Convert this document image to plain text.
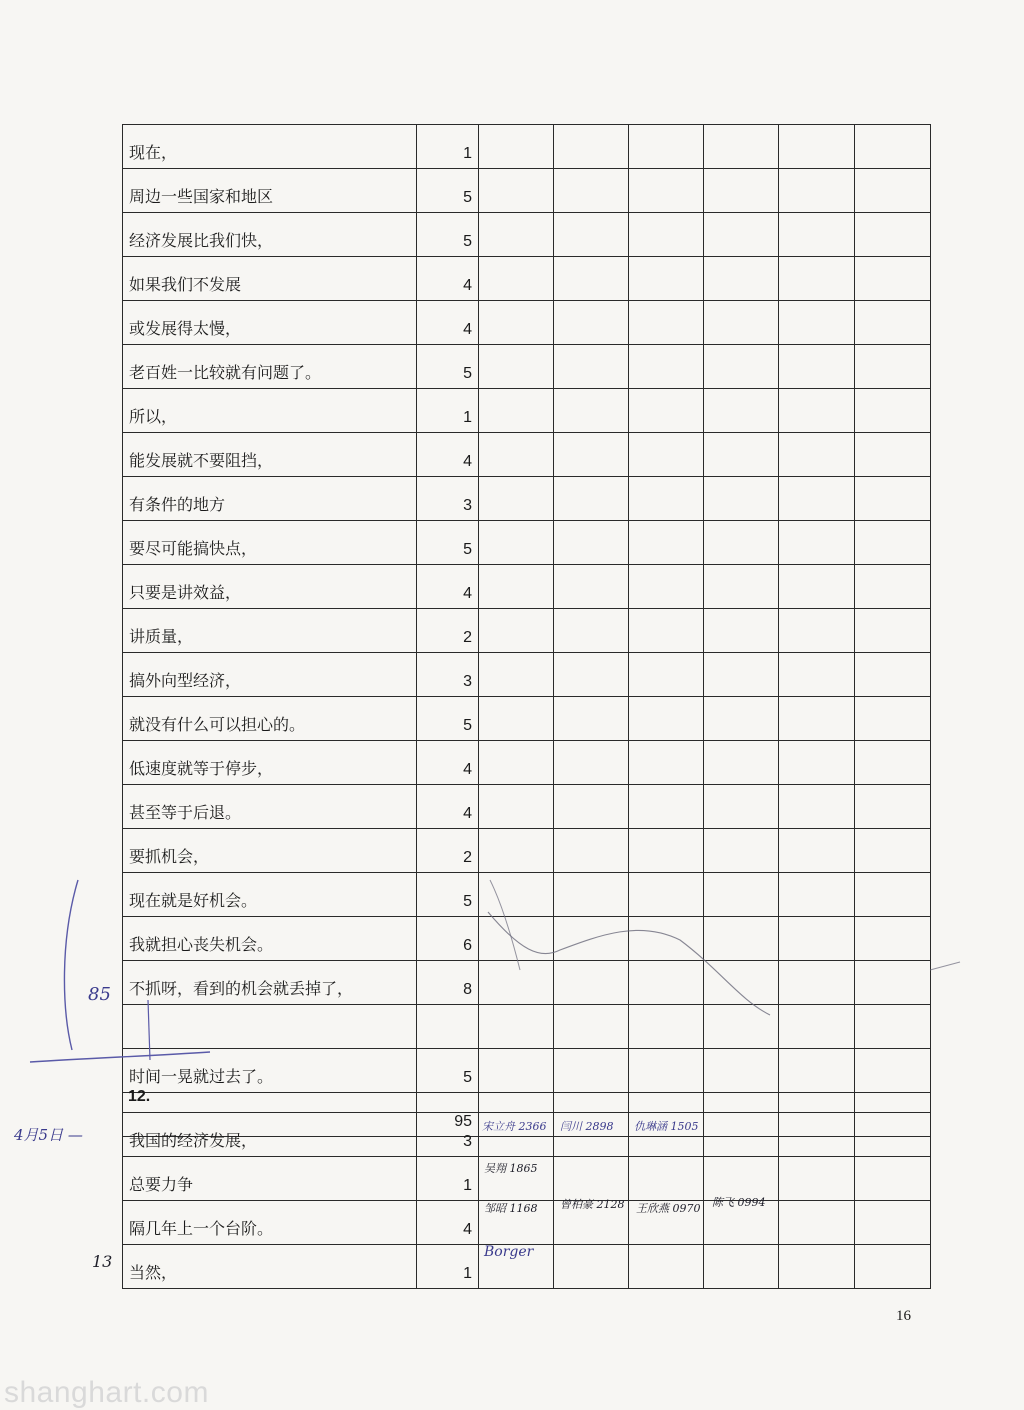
现在，	1						
周边一些国家和地区	5						
经济发展比我们快，	5						
如果我们不发展	4						
或发展得太慢，	4						
老百姓一比较就有问题了。	5						
所以，	1						
能发展就不要阻挡，	4						
有条件的地方	3						
要尽可能搞快点，	5						
只要是讲效益，	4						
讲质量，	2						
搞外向型经济，	3						
就没有什么可以担心的。	5						
低速度就等于停步，	4						
甚至等于后退。	4						
要抓机会，	2						
现在就是好机会。	5						
我就担心丧失机会。	6						
不抓呀，看到的机会就丢掉了，	8						

时间一晃就过去了。	5						
	95						
12.
我国的经济发展，	3						
总要力争	1						
隔几年上一个台阶。	4						
当然，	1						
85
13
4月5日 —	宋立舟 2366	闫川 2898	仇琳涵 1505
吴翔 1865
邹昭 1168	曾柏豪 2128	王欣燕 0970	陈飞 0994
Borger
16
shanghart.com
